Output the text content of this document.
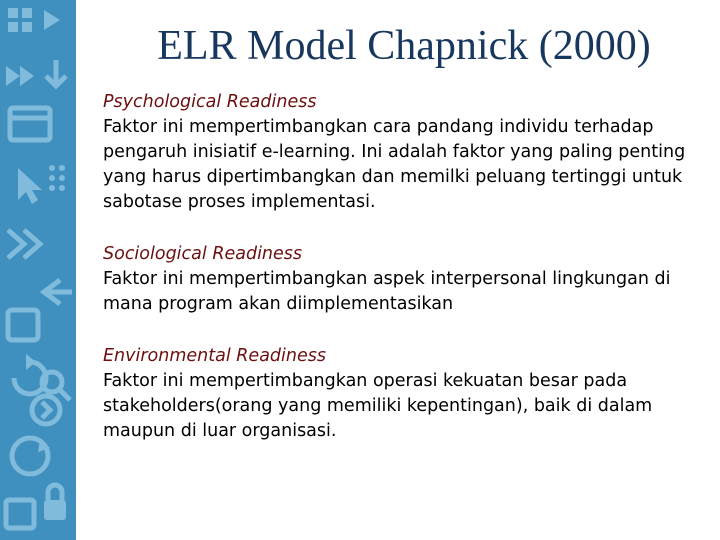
ELR Model Chapnick (2000)
Psychological Readiness
Faktor ini mempertimbangkan cara pandang individu terhadap pengaruh inisiatif e-learning. Ini adalah faktor yang paling penting yang harus dipertimbangkan dan memilki peluang tertinggi untuk sabotase proses implementasi.
Sociological Readiness
Faktor ini mempertimbangkan aspek interpersonal lingkungan di mana program akan diimplementasikan
Environmental Readiness
Faktor ini mempertimbangkan operasi kekuatan besar pada stakeholders(orang yang memiliki kepentingan), baik di dalam maupun di luar organisasi.
